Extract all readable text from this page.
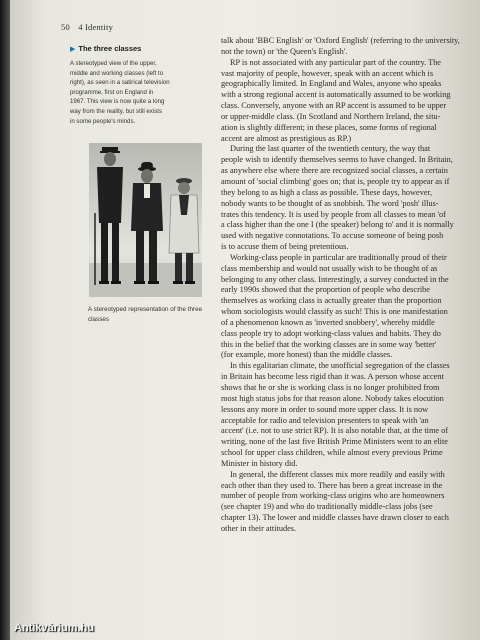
50 4 Identity
▶ The three classes
A stereotyped view of the upper,
middle and working classes (left to
right), as seen in a satirical television
programme, first on England in
1967. This view is now quite a long
way from the reality, but still exists
in some people's minds.
A stereotyped representation of the three classes
talk about 'BBC English' or 'Oxford English' (referring to the university,
not the town) or 'the Queen's English'.
RP is not associated with any particular part of the country. The
vast majority of people, however, speak with an accent which is
geographically limited. In England and Wales, anyone who speaks
with a strong regional accent is automatically assumed to be working
class. Conversely, anyone with an RP accent is assumed to be upper
or upper-middle class. (In Scotland and Northern Ireland, the situ-
ation is slightly different; in these places, some forms of regional
accent are almost as prestigious as RP.)
During the last quarter of the twentieth century, the way that
people wish to identify themselves seems to have changed. In Britain,
as anywhere else where there are recognized social classes, a certain
amount of 'social climbing' goes on; that is, people try to appear as if
they belong to as high a class as possible. These days, however,
nobody wants to be thought of as snobbish. The word 'posh' illus-
trates this tendency. It is used by people from all classes to mean 'of
a class higher than the one I (the speaker) belong to' and it is normally
used with negative connotations. To accuse someone of being posh
is to accuse them of being pretentious.
Working-class people in particular are traditionally proud of their
class membership and would not usually wish to be thought of as
belonging to any other class. Interestingly, a survey conducted in the
early 1990s showed that the proportion of people who describe
themselves as working class is actually greater than the proportion
whom sociologists would classify as such! This is one manifestation
of a phenomenon known as 'inverted snobbery', whereby middle
class people try to adopt working-class values and habits. They do
this in the belief that the working classes are in some way 'better'
(for example, more honest) than the middle classes.
In this egalitarian climate, the unofficial segregation of the classes
in Britain has become less rigid than it was. A person whose accent
shows that he or she is working class is no longer prohibited from
most high status jobs for that reason alone. Nobody takes elocution
lessons any more in order to sound more upper class. It is now
acceptable for radio and television presenters to speak with 'an
accent' (i.e. not to use strict RP). It is also notable that, at the time of
writing, none of the last five British Prime Ministers went to an elite
school for upper class children, while almost every previous Prime
Minister in history did.
In general, the different classes mix more readily and easily with
each other than they used to. There has been a great increase in the
number of people from working-class origins who are homeowners
(see chapter 19) and who do traditionally middle-class jobs (see
chapter 13). The lower and middle classes have drawn closer to each
other in their attitudes.
Antikvárium.hu
